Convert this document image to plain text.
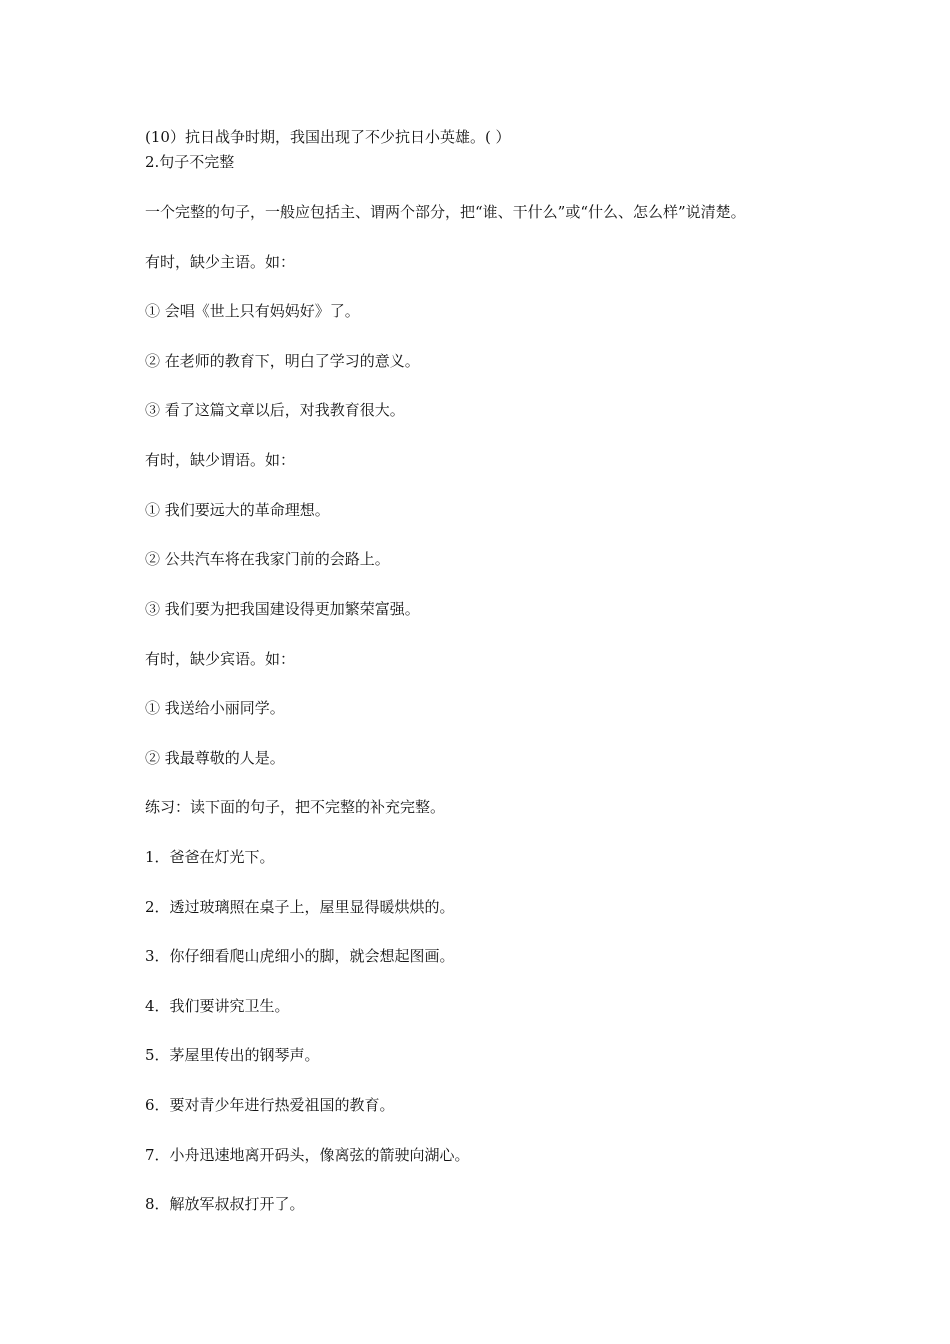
(10）抗日战争时期，我国出现了不少抗日小英雄。( ）
2.句子不完整
一个完整的句子，一般应包括主、谓两个部分，把“谁、干什么”或“什么、怎么样”说清楚。
有时，缺少主语。如：
① 会唱《世上只有妈妈好》了。
② 在老师的教育下，明白了学习的意义。
③ 看了这篇文章以后，对我教育很大。
有时，缺少谓语。如：
① 我们要远大的革命理想。
② 公共汽车将在我家门前的会路上。
③ 我们要为把我国建设得更加繁荣富强。
有时，缺少宾语。如：
① 我送给小丽同学。
② 我最尊敬的人是。
练习：读下面的句子，把不完整的补充完整。
1．爸爸在灯光下。
2．透过玻璃照在桌子上，屋里显得暖烘烘的。
3．你仔细看爬山虎细小的脚，就会想起图画。
4．我们要讲究卫生。
5．茅屋里传出的钢琴声。
6．要对青少年进行热爱祖国的教育。
7．小舟迅速地离开码头，像离弦的箭驶向湖心。
8．解放军叔叔打开了。
